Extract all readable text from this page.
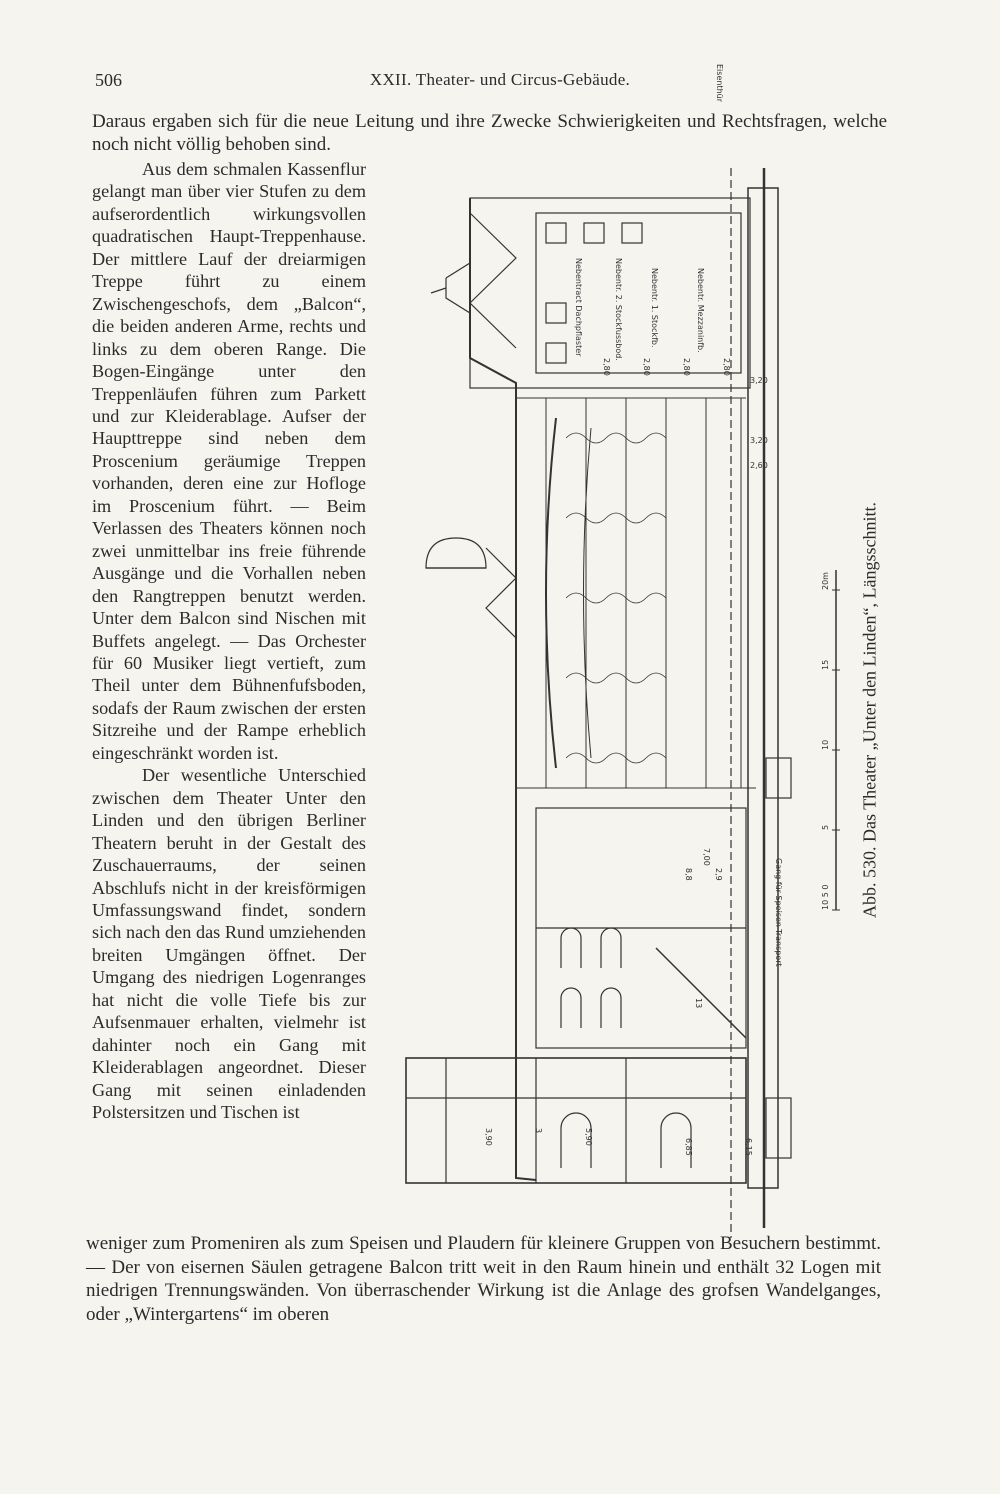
506	XXII. Theater- und Circus-Gebäude.

Daraus ergaben sich für die neue Leitung und ihre Zwecke Schwierigkeiten und Rechtsfragen, welche noch nicht völlig behoben sind.

Aus dem schmalen Kassenflur gelangt man über vier Stufen zu dem aufserordentlich wirkungsvollen quadratischen Haupt-Treppenhause. Der mittlere Lauf der dreiarmigen Treppe führt zu einem Zwischengeschofs, dem „Balcon“, die beiden anderen Arme, rechts und links zu dem oberen Range. Die Bogen-Eingänge unter den Treppenläufen führen zum Parkett und zur Kleiderablage. Aufser der Haupttreppe sind neben dem Proscenium geräumige Treppen vorhanden, deren eine zur Hofloge im Proscenium führt. — Beim Verlassen des Theaters können noch zwei unmittelbar ins freie führende Ausgänge und die Vorhallen neben den Rangtreppen benutzt werden. Unter dem Balcon sind Nischen mit Buffets angelegt. — Das Orchester für 60 Musiker liegt vertieft, zum Theil unter dem Bühnenfufsboden, sodafs der Raum zwischen der ersten Sitzreihe und der Rampe erheblich eingeschränkt worden ist.

Der wesentliche Unterschied zwischen dem Theater Unter den Linden und den übrigen Berliner Theatern beruht in der Gestalt des Zuschauerraums, der seinen Abschlufs nicht in der kreisförmigen Umfassungswand findet, sondern sich nach den das Rund umziehenden breiten Umgängen öffnet. Der Umgang des niedrigen Logenranges hat nicht die volle Tiefe bis zur Aufsenmauer erhalten, vielmehr ist dahinter noch ein Gang mit Kleiderablagen angeordnet. Dieser Gang mit seinen einladenden Polstersitzen und Tischen ist

Eisenthür
Nebentract Dachpflaster	Nebentr. 2. Stockfussbod.	Nebentr. 1. Stockfb.	Nebentr. Mezzaninfb.
Gang für Speisen-Transport
2,80	2,80	2,80	2,80
3,20
3,20
2,60
7,00
8,8	2,9
13
3,90	5,90
6,85	6,15
3
10 5 0
5
10
15
20m Abb. 530. Das Theater „Unter den Linden“, Längsschnitt.

weniger zum Promeniren als zum Speisen und Plaudern für kleinere Gruppen von Besuchern bestimmt. — Der von eisernen Säulen getragene Balcon tritt weit in den Raum hinein und enthält 32 Logen mit niedrigen Trennungswänden. Von überraschender Wirkung ist die Anlage des grofsen Wandelganges, oder „Wintergartens“ im oberen
